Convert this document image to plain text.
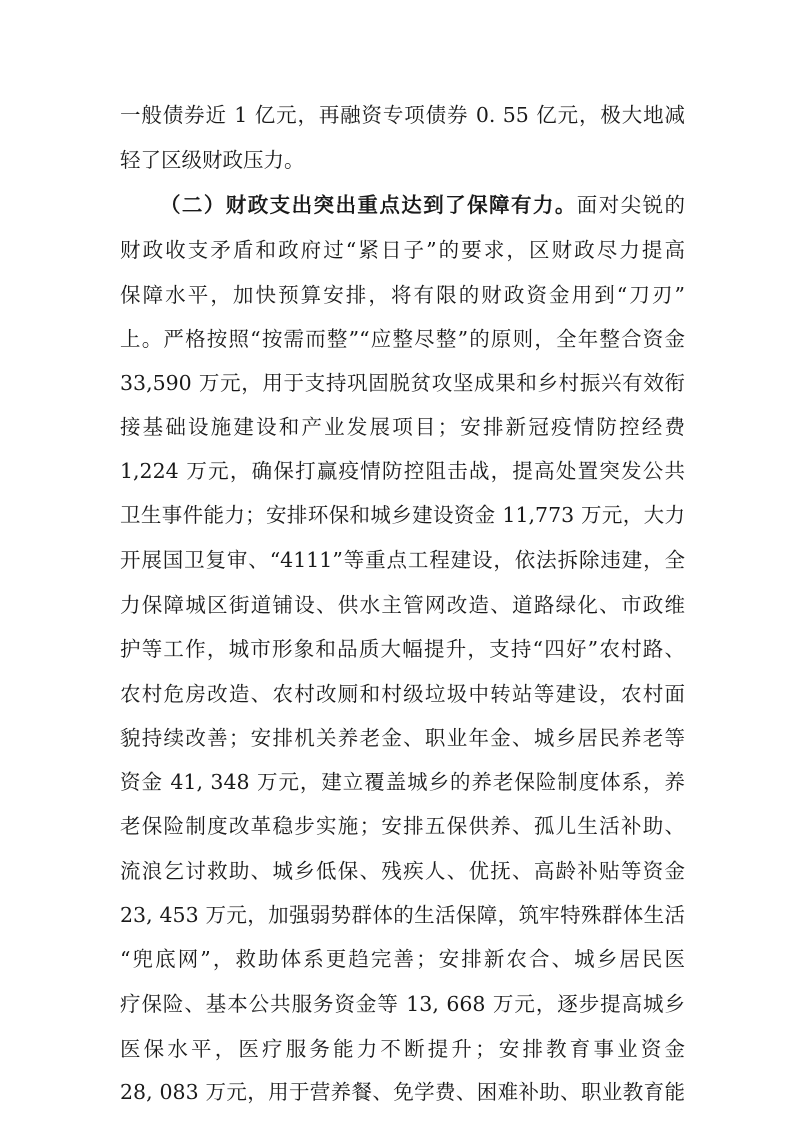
一般债券近 1 亿元，再融资专项债券 0. 55 亿元，极大地减
轻了区级财政压力。
（二）财政支出突出重点达到了保障有力。面对尖锐的
财政收支矛盾和政府过“紧日子”的要求，区财政尽力提高
保障水平，加快预算安排，将有限的财政资金用到“刀刃”
上。严格按照“按需而整”“应整尽整”的原则，全年整合资金
33,590 万元，用于支持巩固脱贫攻坚成果和乡村振兴有效衔
接基础设施建设和产业发展项目；安排新冠疫情防控经费
1,224 万元，确保打赢疫情防控阻击战，提高处置突发公共
卫生事件能力；安排环保和城乡建设资金 11,773 万元，大力
开展国卫复审、“4111”等重点工程建设，依法拆除违建，全
力保障城区街道铺设、供水主管网改造、道路绿化、市政维
护等工作，城市形象和品质大幅提升，支持“四好”农村路、
农村危房改造、农村改厕和村级垃圾中转站等建设，农村面
貌持续改善；安排机关养老金、职业年金、城乡居民养老等
资金 41, 348 万元，建立覆盖城乡的养老保险制度体系，养
老保险制度改革稳步实施；安排五保供养、孤儿生活补助、
流浪乞讨救助、城乡低保、残疾人、优抚、高龄补贴等资金
23, 453 万元，加强弱势群体的生活保障，筑牢特殊群体生活
“兜底网”，救助体系更趋完善；安排新农合、城乡居民医
疗保险、基本公共服务资金等 13, 668 万元，逐步提高城乡
医保水平，医疗服务能力不断提升；安排教育事业资金
28, 083 万元，用于营养餐、免学费、困难补助、职业教育能
